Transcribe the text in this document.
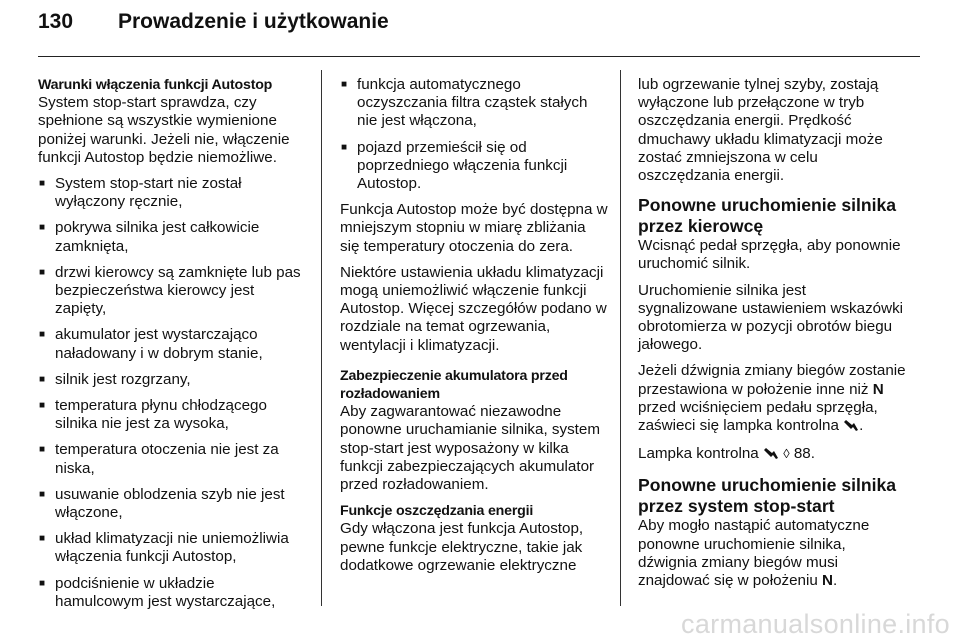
130 Prowadzenie i użytkowanie
Warunki włączenia funkcji Autostop

System stop-start sprawdza, czy spełnione są wszystkie wymienione poniżej warunki. Jeżeli nie, włączenie funkcji Autostop będzie niemożliwe.

■ System stop-start nie został wyłączony ręcznie,
■ pokrywa silnika jest całkowicie zamknięta,
■ drzwi kierowcy są zamknięte lub pas bezpieczeństwa kierowcy jest zapięty,
■ akumulator jest wystarczająco naładowany i w dobrym stanie,
■ silnik jest rozgrzany,
■ temperatura płynu chłodzącego silnika nie jest za wysoka,
■ temperatura otoczenia nie jest za niska,
■ usuwanie oblodzenia szyb nie jest włączone,
■ układ klimatyzacji nie uniemożliwia włączenia funkcji Autostop,
■ podciśnienie w układzie hamulcowym jest wystarczające,
■ funkcja automatycznego oczyszczania filtra cząstek stałych nie jest włączona,
■ pojazd przemieścił się od poprzedniego włączenia funkcji Autostop.

Funkcja Autostop może być dostępna w mniejszym stopniu w miarę zbliżania się temperatury otoczenia do zera.

Niektóre ustawienia układu klimatyzacji mogą uniemożliwić włączenie funkcji Autostop. Więcej szczegółów podano w rozdziale na temat ogrzewania, wentylacji i klimatyzacji.

Zabezpieczenie akumulatora przed rozładowaniem

Aby zagwarantować niezawodne ponowne uruchamianie silnika, system stop-start jest wyposażony w kilka funkcji zabezpieczających akumulator przed rozładowaniem.

Funkcje oszczędzania energii

Gdy włączona jest funkcja Autostop, pewne funkcje elektryczne, takie jak dodatkowe ogrzewanie elektryczne

lub ogrzewanie tylnej szyby, zostają wyłączone lub przełączone w tryb oszczędzania energii. Prędkość dmuchawy układu klimatyzacji może zostać zmniejszona w celu oszczędzania energii.

Ponowne uruchomienie silnika przez kierowcę

Wcisnąć pedał sprzęgła, aby ponownie uruchomić silnik.

Uruchomienie silnika jest sygnalizowane ustawieniem wskazówki obrotomierza w pozycji obrotów biegu jałowego.

Jeżeli dźwignia zmiany biegów zostanie przestawiona w położenie inne niż N przed wciśnięciem pedału sprzęgła, zaświeci się lampka kontrolna .

Lampka kontrolna  ◊ 88.

Ponowne uruchomienie silnika przez system stop-start

Aby mogło nastąpić automatyczne ponowne uruchomienie silnika, dźwignia zmiany biegów musi znajdować się w położeniu N.

carmanualsonline.info
